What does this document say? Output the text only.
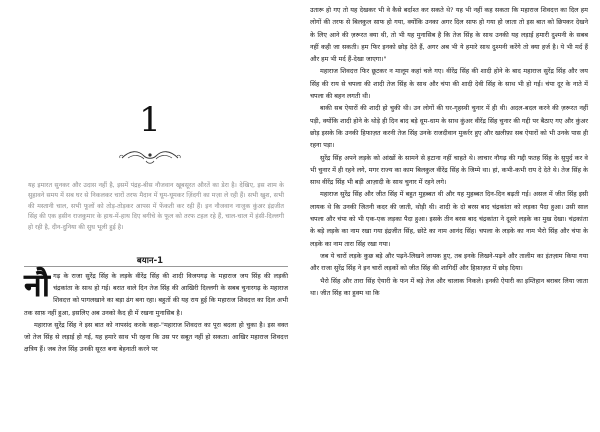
1

यह इमारत सुनकर और उदास नहीं है, इसमें पंद्रह-बीस नौजवान खूबसूरत औरतें का डेरा है। देखिए, इस शाम के सुहावने समय में सब घर से निकलकर चारों तरफ मैदान में घूम-घूमकर ज़िंदगी का मज़ा ले रही हैं। सभी खुश, सभी की मस्तानी चाल, सभी फूलों को तोड़-तोड़कर आपस में फेंकती कर रही हैं। इन नौजवान नाजुक कुंअर इंद्रजीत सिंह की एक हसीन राजकुमार के हाथ-में-हाथ दिए बगीचे के फूल को तरफ टहल रहे हैं, चाल-चाल में हंसी-दिल्लगी हो रही है, दीन-दुनिया की सुध भूली हुई है।

बयान-1

नौगढ़ के राजा सुरेंद्र सिंह के लड़के वीरेंद्र सिंह की शादी विजयगढ़ के महाराज जय सिंह की लड़की चंद्रकांता के साथ हो गई। बरात वाले दिन तेज सिंह की आखिरी दिल्लगी के सबब चुनारगढ़ के महाराज शिवदत्त को पागलखाने का बड़ा ढंग बना रहा। बहुतों की यह राय हुई कि महाराज शिवदत्त का दिल अभी तक साफ़ नहीं हुआ, इसलिए अब उनको कैद ही में रखना मुनासिब है।

महाराज सुरेंद्र सिंह ने इस बात को नापसंद करके कहा-"महाराज शिवदत्त का पूरा बदला हो चुका है। इस वक्त जो तेज सिंह से लड़ाई हो गई, यह हमारे साथ भी रहना कि उस पर सबूत नहीं हो सकता। आखिर महाराज शिवदत्त क्षत्रिय हैं। जब तेज सिंह उनकी सूरत बना बेहनाती करने पर

उतारू हो गए तो यह देखकर भी वे कैसे बर्दाश्त कर सकते थे? यह भी नहीं कह सकता कि महाराज शिवदत्त का दिल हम लोगों की तरफ से बिलकुल साफ हो गया, क्योंकि उनका अगर दिल साफ हो गया हो जाता तो इस बात को छिपकर देखने के लिए आने की ज़रूरत क्या थी, तो भी यह मुनासिब है कि तेज सिंह के साथ उनकी यह लड़ाई हमारी दुश्मनी के सबब नहीं कही जा सकती। हम फिर इनको छोड़ देते हैं, अगर अब भी ये हमारे साथ दुश्मनी करेंगे तो क्या हर्ज है। ये भी मर्द हैं और हम भी मर्द हैं-देखा जाएगा।"

महाराज शिवदत्त फिर छूटकर न मालूम कहां चले गए। वीरेंद्र सिंह की शादी होने के बाद महाराज सुरेंद्र सिंह और जय सिंह की राय से चपला की शादी तेज सिंह के साथ और चंपा की शादी देवी सिंह के साथ भी हो गई। चंपा दूर के नाते में चपला की बहन लगती थी।

बाकी सब ऐयारों की शादी हो चुकी थी। उन लोगों की घर-गृहस्थी चुनार में ही थी। अदल-बदल करने की ज़रूरत नहीं पड़ी, क्योंकि शादी होने के थोड़े ही दिन बाद बड़े धूम-धाम के साथ कुंअर वीरेंद्र सिंह चुनार की गद्दी पर बैठाए गए और कुंअर छोड़ इसके कि उनकी हिफाज़त करनी तेज सिंह उनके राजदीवान मुकर्रर हुए और खलीफ़ा सब ऐयारों को भी उनके पास ही रहना पड़ा।

सुरेंद्र सिंह अपने लड़के को आंखों के सामने से हटाना नहीं चाहते थे। लाचार नौगढ़ की गद्दी फतह सिंह के सुपुर्द कर वे भी चुनार में ही रहने लगे, मगर राज्य का काम बिलकुल वीरेंद्र सिंह के जिम्मे था। हां, कभी-कभी राय दे देते थे। तेज सिंह के साथ वीरेंद्र सिंह भी बड़ी आज़ादी के साथ चुनार में रहने लगे।

महाराज सुरेंद्र सिंह और जीत सिंह में बहुत मुहब्बत थी और यह मुहब्बत दिन-दिन बढ़ती गई। असल में जीत सिंह इसी लायक थे कि उनकी जितनी कदर की जाती, थोड़ी थी। शादी के दो बरस बाद चंद्रकांता को लड़का पैदा हुआ। उसी साल चपला और चंपा को भी एक-एक लड़का पैदा हुआ। इसके तीन बरस बाद चंद्रकांता ने दूसरे लड़के का मुख देखा। चंद्रकांता के बड़े लड़के का नाम रखा गया इंद्रजीत सिंह, छोटे का नाम आनंद सिंह। चपला के लड़के का नाम भैरो सिंह और चंपा के लड़के का नाम तारा सिंह रखा गया।

जब ये चारों लड़के कुछ बड़े और पढ़ने-लिखने लायक हुए, तब इनके लिखने-पढ़ने और तालीम का इंतज़ाम किया गया और राजा सुरेंद्र सिंह ने इन चारों लड़कों को जीत सिंह की शागिर्दी और हिफ़ाज़त में छोड़ दिया।

भैरो सिंह और तारा सिंह ऐयारी के फन में बड़े तेज और चालाक निकले। इनकी ऐयारी का इम्तिहान बराबर लिया जाता था। जीत सिंह का हुक्म था कि
